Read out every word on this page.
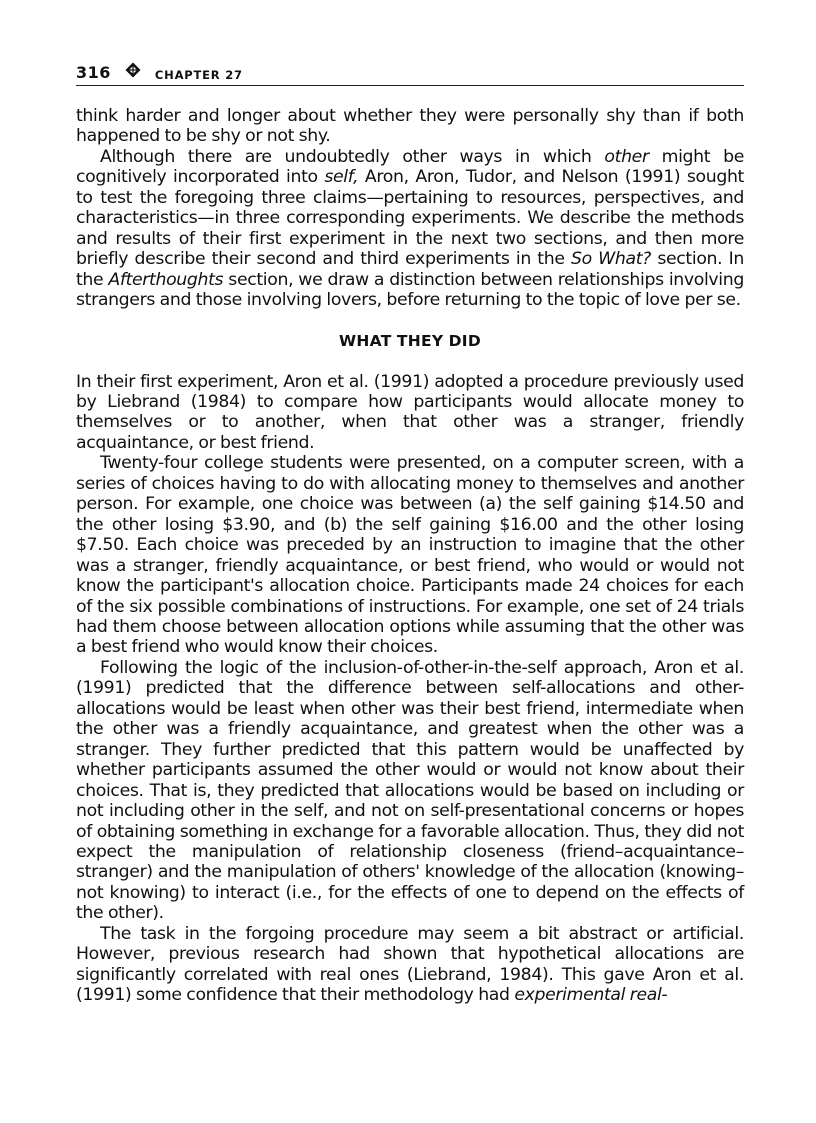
316	CHAPTER 27

think harder and longer about whether they were personally shy than if both happened to be shy or not shy.

Although there are undoubtedly other ways in which other might be cognitively incorporated into self, Aron, Aron, Tudor, and Nelson (1991) sought to test the foregoing three claims—pertaining to resources, perspectives, and characteristics—in three corresponding experiments. We describe the methods and results of their first experiment in the next two sections, and then more briefly describe their second and third experiments in the So What? section. In the Afterthoughts section, we draw a distinction between relationships involving strangers and those involving lovers, before returning to the topic of love per se.

WHAT THEY DID

In their first experiment, Aron et al. (1991) adopted a procedure previously used by Liebrand (1984) to compare how participants would allocate money to themselves or to another, when that other was a stranger, friendly acquaintance, or best friend.

Twenty-four college students were presented, on a computer screen, with a series of choices having to do with allocating money to themselves and another person. For example, one choice was between (a) the self gaining $14.50 and the other losing $3.90, and (b) the self gaining $16.00 and the other losing $7.50. Each choice was preceded by an instruction to imagine that the other was a stranger, friendly acquaintance, or best friend, who would or would not know the participant's allocation choice. Participants made 24 choices for each of the six possible combinations of instructions. For example, one set of 24 trials had them choose between allocation options while assuming that the other was a best friend who would know their choices.

Following the logic of the inclusion-of-other-in-the-self approach, Aron et al. (1991) predicted that the difference between self-allocations and other-allocations would be least when other was their best friend, intermediate when the other was a friendly acquaintance, and greatest when the other was a stranger. They further predicted that this pattern would be unaffected by whether participants assumed the other would or would not know about their choices. That is, they predicted that allocations would be based on including or not including other in the self, and not on self-presentational concerns or hopes of obtaining something in exchange for a favorable allocation. Thus, they did not expect the manipulation of relationship closeness (friend–acquaintance–stranger) and the manipulation of others' knowledge of the allocation (knowing–not knowing) to interact (i.e., for the effects of one to depend on the effects of the other).

The task in the forgoing procedure may seem a bit abstract or artificial. However, previous research had shown that hypothetical allocations are significantly correlated with real ones (Liebrand, 1984). This gave Aron et al. (1991) some confidence that their methodology had experimental real-
